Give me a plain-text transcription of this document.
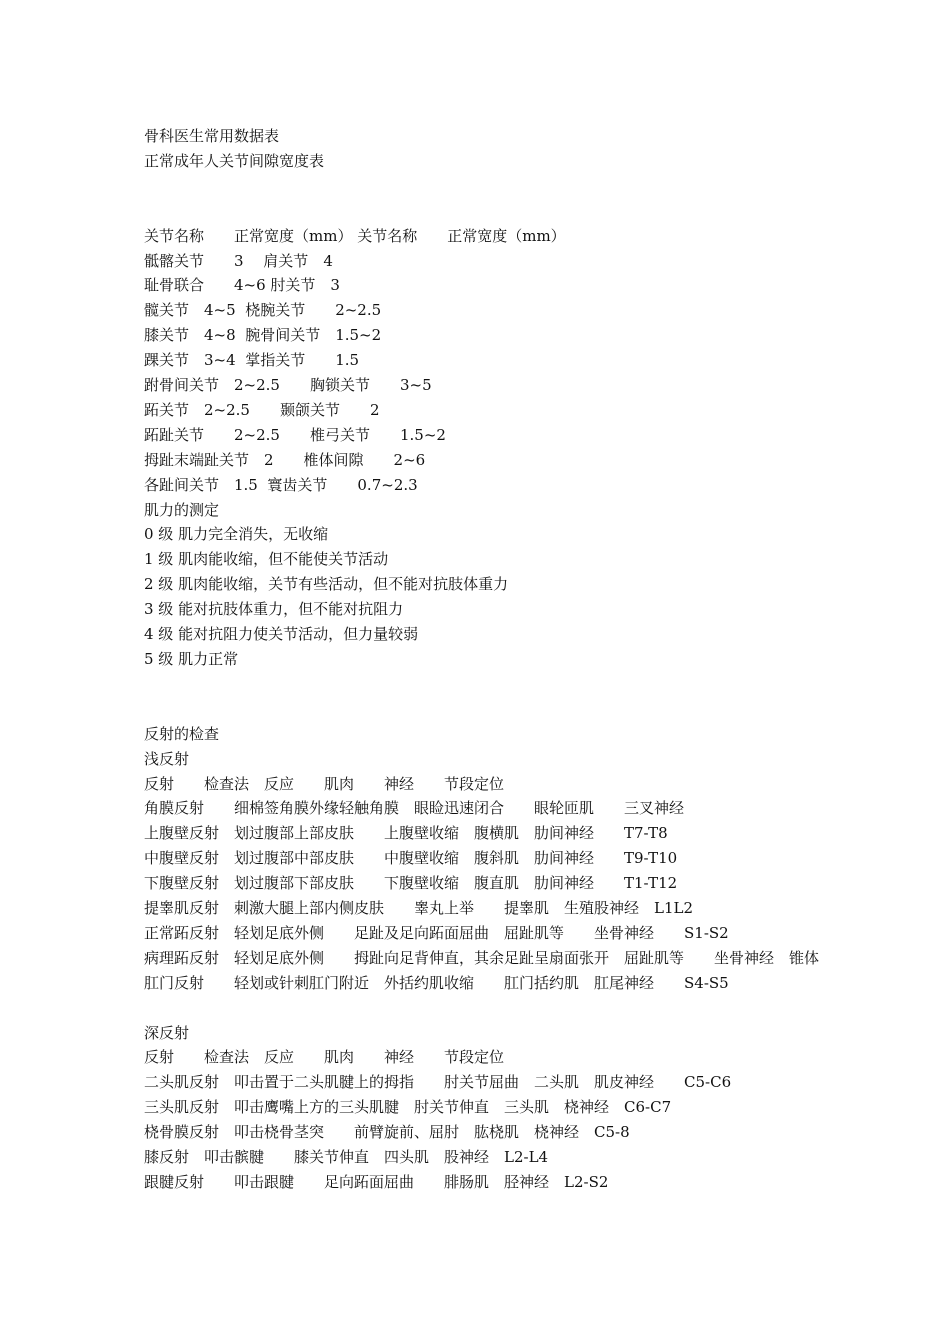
骨科医生常用数据表
正常成年人关节间隙宽度表
关节名称　　正常宽度（mm） 关节名称　　正常宽度（mm）
骶髂关节　　3　 肩关节　4
耻骨联合　　4~6 肘关节　3
髋关节　4~5  桡腕关节　　2~2.5
膝关节　4~8  腕骨间关节　1.5~2
踝关节　3~4  掌指关节　　1.5
跗骨间关节　2~2.5　　胸锁关节　　3~5
跖关节　2~2.5　　颞颌关节　　2
跖趾关节　　2~2.5　　椎弓关节　　1.5~2
拇趾末端趾关节　2　　椎体间隙　　2~6
各趾间关节　1.5  寰齿关节　　0.7~2.3
肌力的测定
0 级 肌力完全消失，无收缩
1 级 肌肉能收缩，但不能使关节活动
2 级 肌肉能收缩，关节有些活动，但不能对抗肢体重力
3 级 能对抗肢体重力，但不能对抗阻力
4 级 能对抗阻力使关节活动，但力量较弱
5 级 肌力正常
反射的检查
浅反射
反射　　检查法　反应　　肌肉　　神经　　节段定位
角膜反射　　细棉签角膜外缘轻触角膜　眼睑迅速闭合　　眼轮匝肌　　三叉神经
上腹壁反射　划过腹部上部皮肤　　上腹壁收缩　腹横肌　肋间神经　　T7-T8
中腹壁反射　划过腹部中部皮肤　　中腹壁收缩　腹斜肌　肋间神经　　T9-T10
下腹壁反射　划过腹部下部皮肤　　下腹壁收缩　腹直肌　肋间神经　　T1-T12
提睾肌反射　刺激大腿上部内侧皮肤　　睾丸上举　　提睾肌　生殖股神经　L1L2
正常跖反射　轻划足底外侧　　足趾及足向跖面屈曲　屈趾肌等　　坐骨神经　　S1-S2
病理跖反射　轻划足底外侧　　拇趾向足背伸直，其余足趾呈扇面张开　屈趾肌等　　坐骨神经　锥体
肛门反射　　轻划或针刺肛门附近　外括约肌收缩　　肛门括约肌　肛尾神经　　S4-S5
深反射
反射　　检查法　反应　　肌肉　　神经　　节段定位
二头肌反射　叩击置于二头肌腱上的拇指　　肘关节屈曲　二头肌　肌皮神经　　C5-C6
三头肌反射　叩击鹰嘴上方的三头肌腱　肘关节伸直　三头肌　桡神经　C6-C7
桡骨膜反射　叩击桡骨茎突　　前臂旋前、屈肘　肱桡肌　桡神经　C5-8
膝反射　叩击髌腱　　膝关节伸直　四头肌　股神经　L2-L4
跟腱反射　　叩击跟腱　　足向跖面屈曲　　腓肠肌　胫神经　L2-S2
